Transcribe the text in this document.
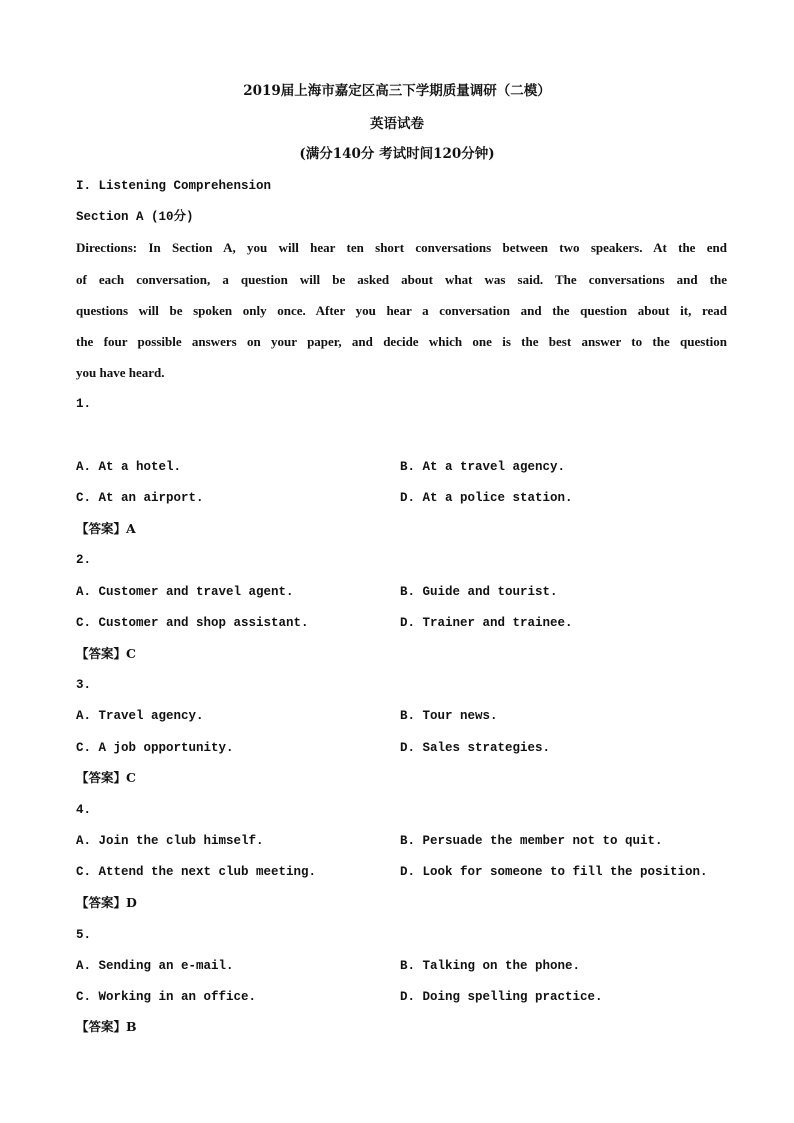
2019届上海市嘉定区高三下学期质量调研（二模）
英语试卷
(满分140分 考试时间120分钟)
I. Listening Comprehension
Section A (10分)
Directions: In Section A, you will hear ten short conversations between two speakers. At the end
of each conversation, a question will be asked about what was said. The conversations and the
questions will be spoken only once. After you hear a conversation and the question about it, read
the four possible answers on your paper, and decide which one is the best answer to the question
you have heard.
1.
A. At a hotel.	B. At a travel agency.
C. At an airport.	D. At a police station.
【答案】A
2.
A. Customer and travel agent.	B. Guide and tourist.
C. Customer and shop assistant.	D. Trainer and trainee.
【答案】C
3.
A. Travel agency.	B. Tour news.
C. A job opportunity.	D. Sales strategies.
【答案】C
4.
A. Join the club himself.	B. Persuade the member not to quit.
C. Attend the next club meeting.	D. Look for someone to fill the position.
【答案】D
5.
A. Sending an e-mail.	B. Talking on the phone.
C. Working in an office.	D. Doing spelling practice.
【答案】B
